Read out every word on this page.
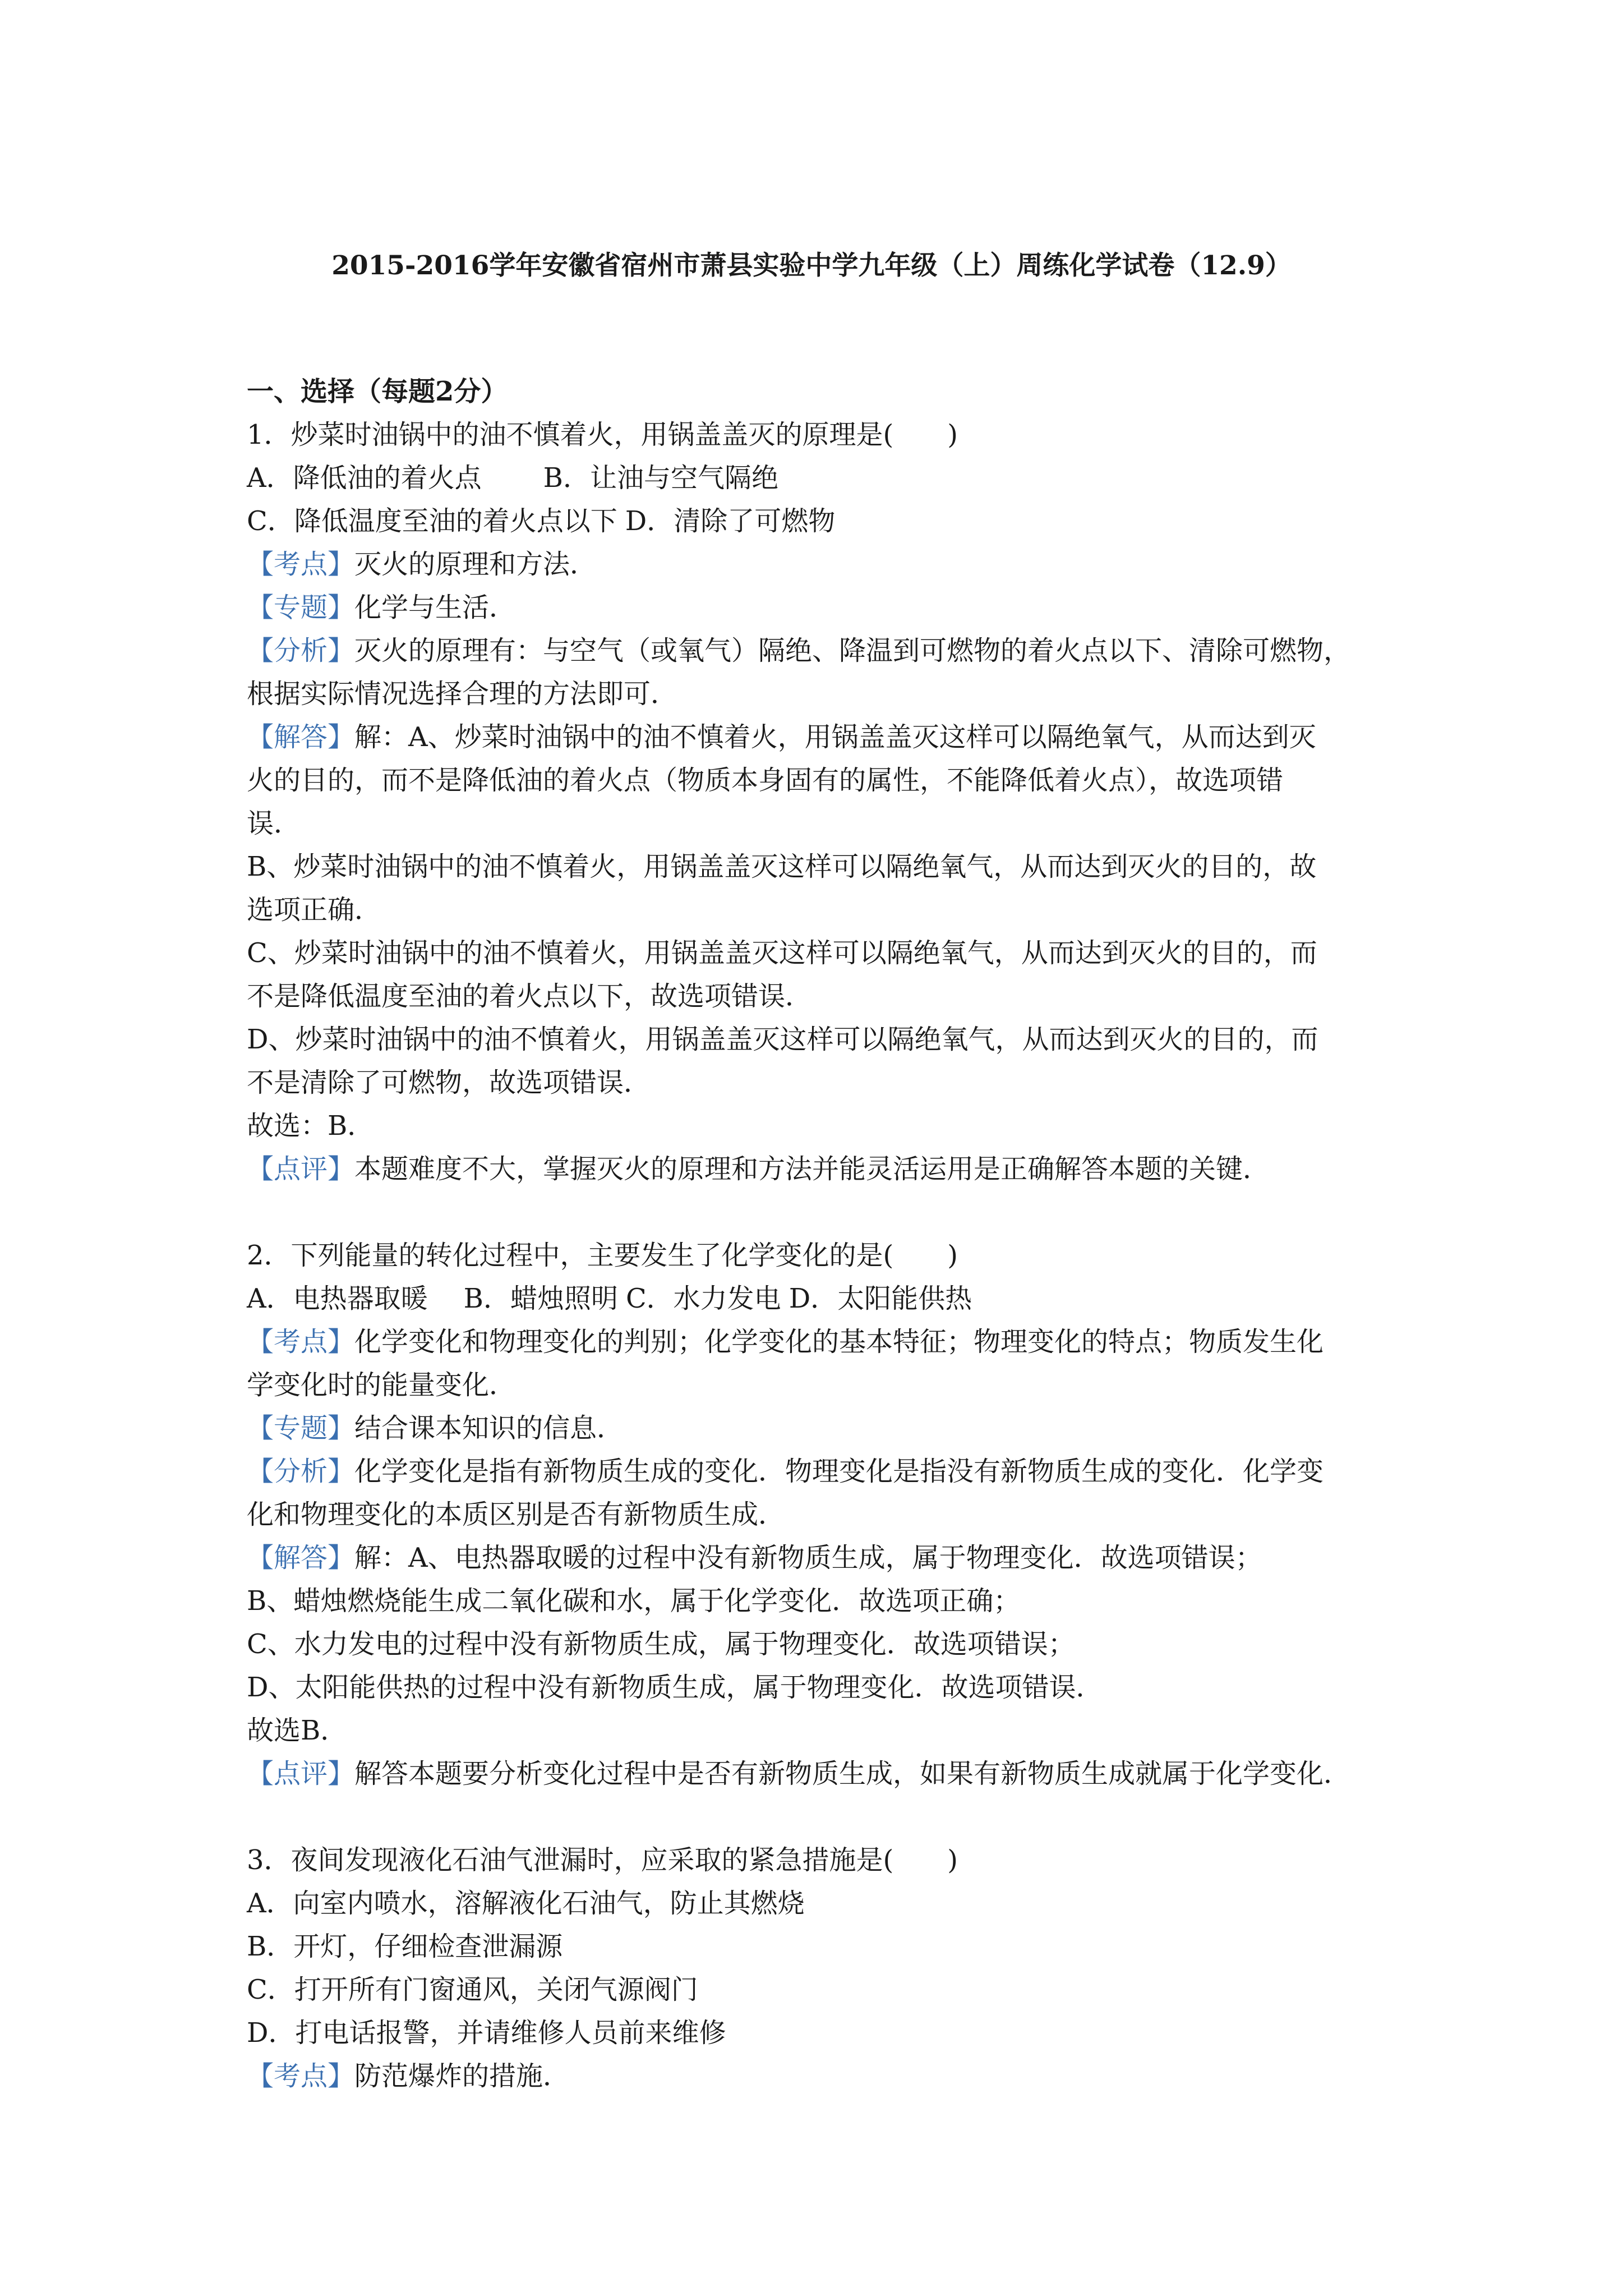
2015-2016学年安徽省宿州市萧县实验中学九年级（上）周练化学试卷（12.9）
一、选择（每题2分）
1．炒菜时油锅中的油不慎着火，用锅盖盖灭的原理是(　　)
A．降低油的着火点 B．让油与空气隔绝
C．降低温度至油的着火点以下 D．清除了可燃物
【考点】灭火的原理和方法．
【专题】化学与生活．
【分析】灭火的原理有：与空气（或氧气）隔绝、降温到可燃物的着火点以下、清除可燃物，
根据实际情况选择合理的方法即可．
【解答】解：A、炒菜时油锅中的油不慎着火，用锅盖盖灭这样可以隔绝氧气，从而达到灭
火的目的，而不是降低油的着火点（物质本身固有的属性，不能降低着火点），故选项错
误．
B、炒菜时油锅中的油不慎着火，用锅盖盖灭这样可以隔绝氧气，从而达到灭火的目的，故
选项正确．
C、炒菜时油锅中的油不慎着火，用锅盖盖灭这样可以隔绝氧气，从而达到灭火的目的，而
不是降低温度至油的着火点以下，故选项错误．
D、炒菜时油锅中的油不慎着火，用锅盖盖灭这样可以隔绝氧气，从而达到灭火的目的，而
不是清除了可燃物，故选项错误．
故选：B．
【点评】本题难度不大，掌握灭火的原理和方法并能灵活运用是正确解答本题的关键．
2．下列能量的转化过程中，主要发生了化学变化的是(　　)
A．电热器取暖 B．蜡烛照明 C．水力发电 D．太阳能供热
【考点】化学变化和物理变化的判别；化学变化的基本特征；物理变化的特点；物质发生化
学变化时的能量变化．
【专题】结合课本知识的信息．
【分析】化学变化是指有新物质生成的变化．物理变化是指没有新物质生成的变化．化学变
化和物理变化的本质区别是否有新物质生成．
【解答】解：A、电热器取暖的过程中没有新物质生成，属于物理变化．故选项错误；
B、蜡烛燃烧能生成二氧化碳和水，属于化学变化．故选项正确；
C、水力发电的过程中没有新物质生成，属于物理变化．故选项错误；
D、太阳能供热的过程中没有新物质生成，属于物理变化．故选项错误．
故选B．
【点评】解答本题要分析变化过程中是否有新物质生成，如果有新物质生成就属于化学变化．
3．夜间发现液化石油气泄漏时，应采取的紧急措施是(　　)
A．向室内喷水，溶解液化石油气，防止其燃烧
B．开灯，仔细检查泄漏源
C．打开所有门窗通风，关闭气源阀门
D．打电话报警，并请维修人员前来维修
【考点】防范爆炸的措施．
